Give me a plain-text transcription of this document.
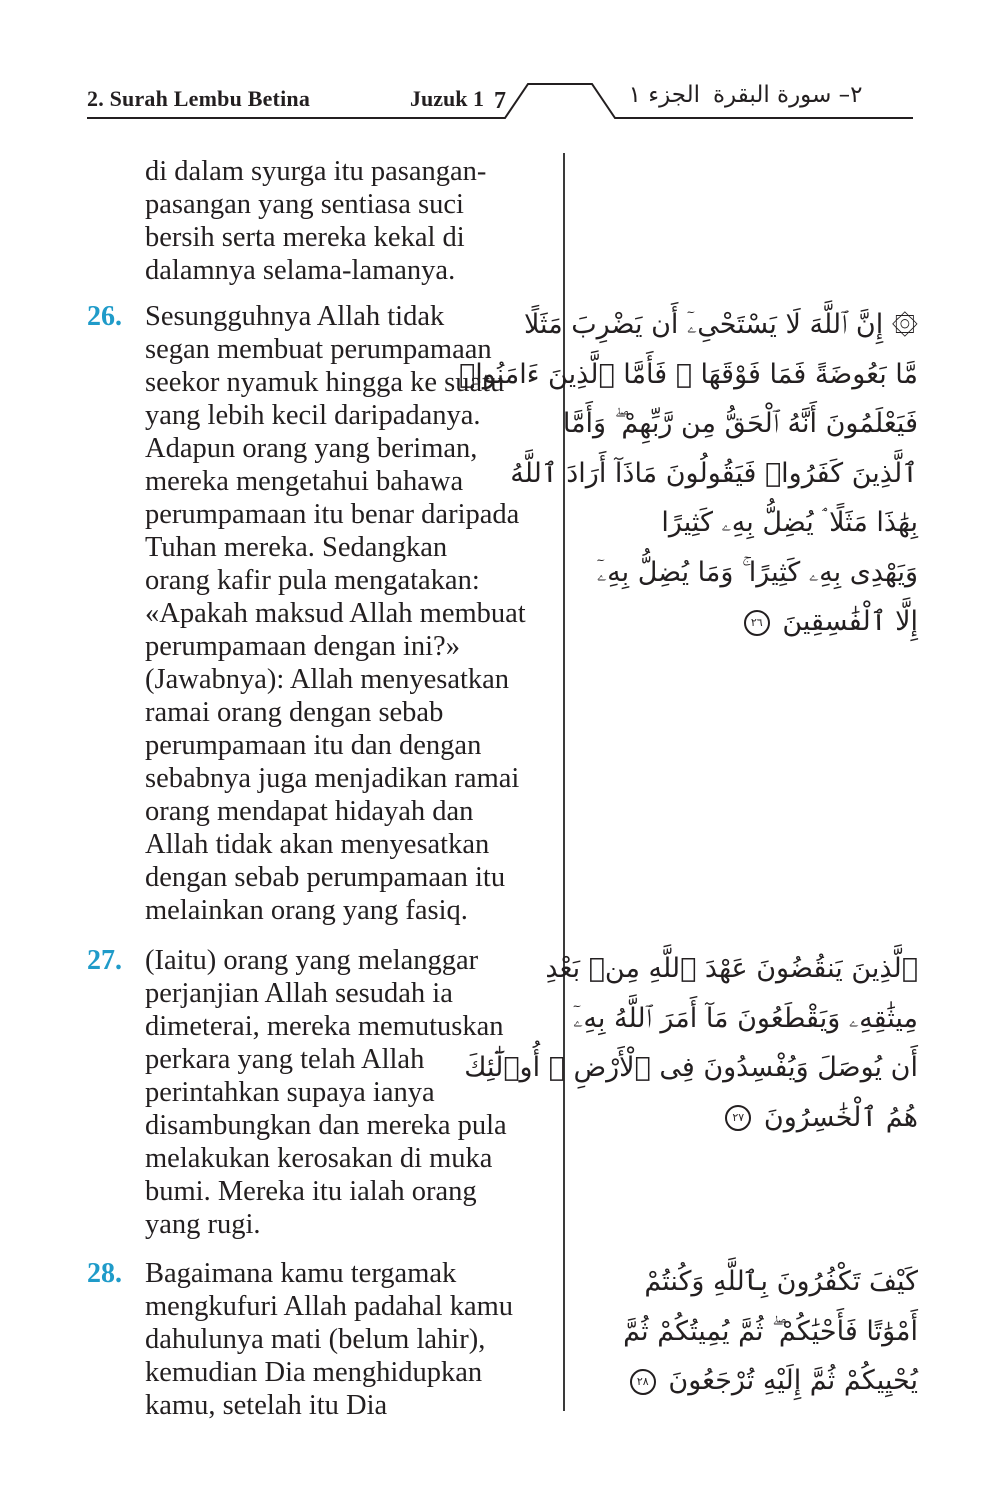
2. Surah Lembu Betina	Juzuk 1 7	الجزء ١ ٢– سورة البقرة
di dalam syurga itu pasangan-
pasangan yang sentiasa suci
bersih serta mereka kekal di
dalamnya selama-lamanya.
26. Sesungguhnya Allah tidak
segan membuat perumpamaan
seekor nyamuk hingga ke suatu
yang lebih kecil daripadanya.
Adapun orang yang beriman,
mereka mengetahui bahawa
perumpamaan itu benar daripada
Tuhan mereka. Sedangkan
orang kafir pula mengatakan:
«Apakah maksud Allah membuat
perumpamaan dengan ini?»
(Jawabnya): Allah menyesatkan
ramai orang dengan sebab
perumpamaan itu dan dengan
sebabnya juga menjadikan ramai
orang mendapat hidayah dan
Allah tidak akan menyesatkan
dengan sebab perumpamaan itu
melainkan orang yang fasiq.
۞ إِنَّ ٱللَّهَ لَا يَسْتَحْىِۦٓ أَن يَضْرِبَ مَثَلًا
مَّا بَعُوضَةً فَمَا فَوْقَهَا ۚ فَأَمَّا ٱلَّذِينَ ءَامَنُوا۟
فَيَعْلَمُونَ أَنَّهُ ٱلْحَقُّ مِن رَّبِّهِمْ ۖ وَأَمَّا
ٱلَّذِينَ كَفَرُوا۟ فَيَقُولُونَ مَاذَآ أَرَادَ ٱللَّهُ
بِهَٰذَا مَثَلًا ۘ يُضِلُّ بِهِۦ كَثِيرًا
وَيَهْدِى بِهِۦ كَثِيرًا ۚ وَمَا يُضِلُّ بِهِۦٓ
إِلَّا ٱلْفَٰسِقِينَ ٢٦
27. (Iaitu) orang yang melanggar
perjanjian Allah sesudah ia
dimeterai, mereka memutuskan
perkara yang telah Allah
perintahkan supaya ianya
disambungkan dan mereka pula
melakukan kerosakan di muka
bumi. Mereka itu ialah orang
yang rugi.
ٱلَّذِينَ يَنقُضُونَ عَهْدَ ٱللَّهِ مِنۢ بَعْدِ
مِيثَٰقِهِۦ وَيَقْطَعُونَ مَآ أَمَرَ ٱللَّهُ بِهِۦٓ
أَن يُوصَلَ وَيُفْسِدُونَ فِى ٱلْأَرْضِ ۚ أُو۟لَٰٓئِكَ
هُمُ ٱلْخَٰسِرُونَ ٢٧
28. Bagaimana kamu tergamak
mengkufuri Allah padahal kamu
dahulunya mati (belum lahir),
kemudian Dia menghidupkan
kamu, setelah itu Dia
كَيْفَ تَكْفُرُونَ بِٱللَّهِ وَكُنتُمْ
أَمْوَٰتًا فَأَحْيَٰكُمْ ۖ ثُمَّ يُمِيتُكُمْ ثُمَّ
يُحْيِيكُمْ ثُمَّ إِلَيْهِ تُرْجَعُونَ ٢٨
